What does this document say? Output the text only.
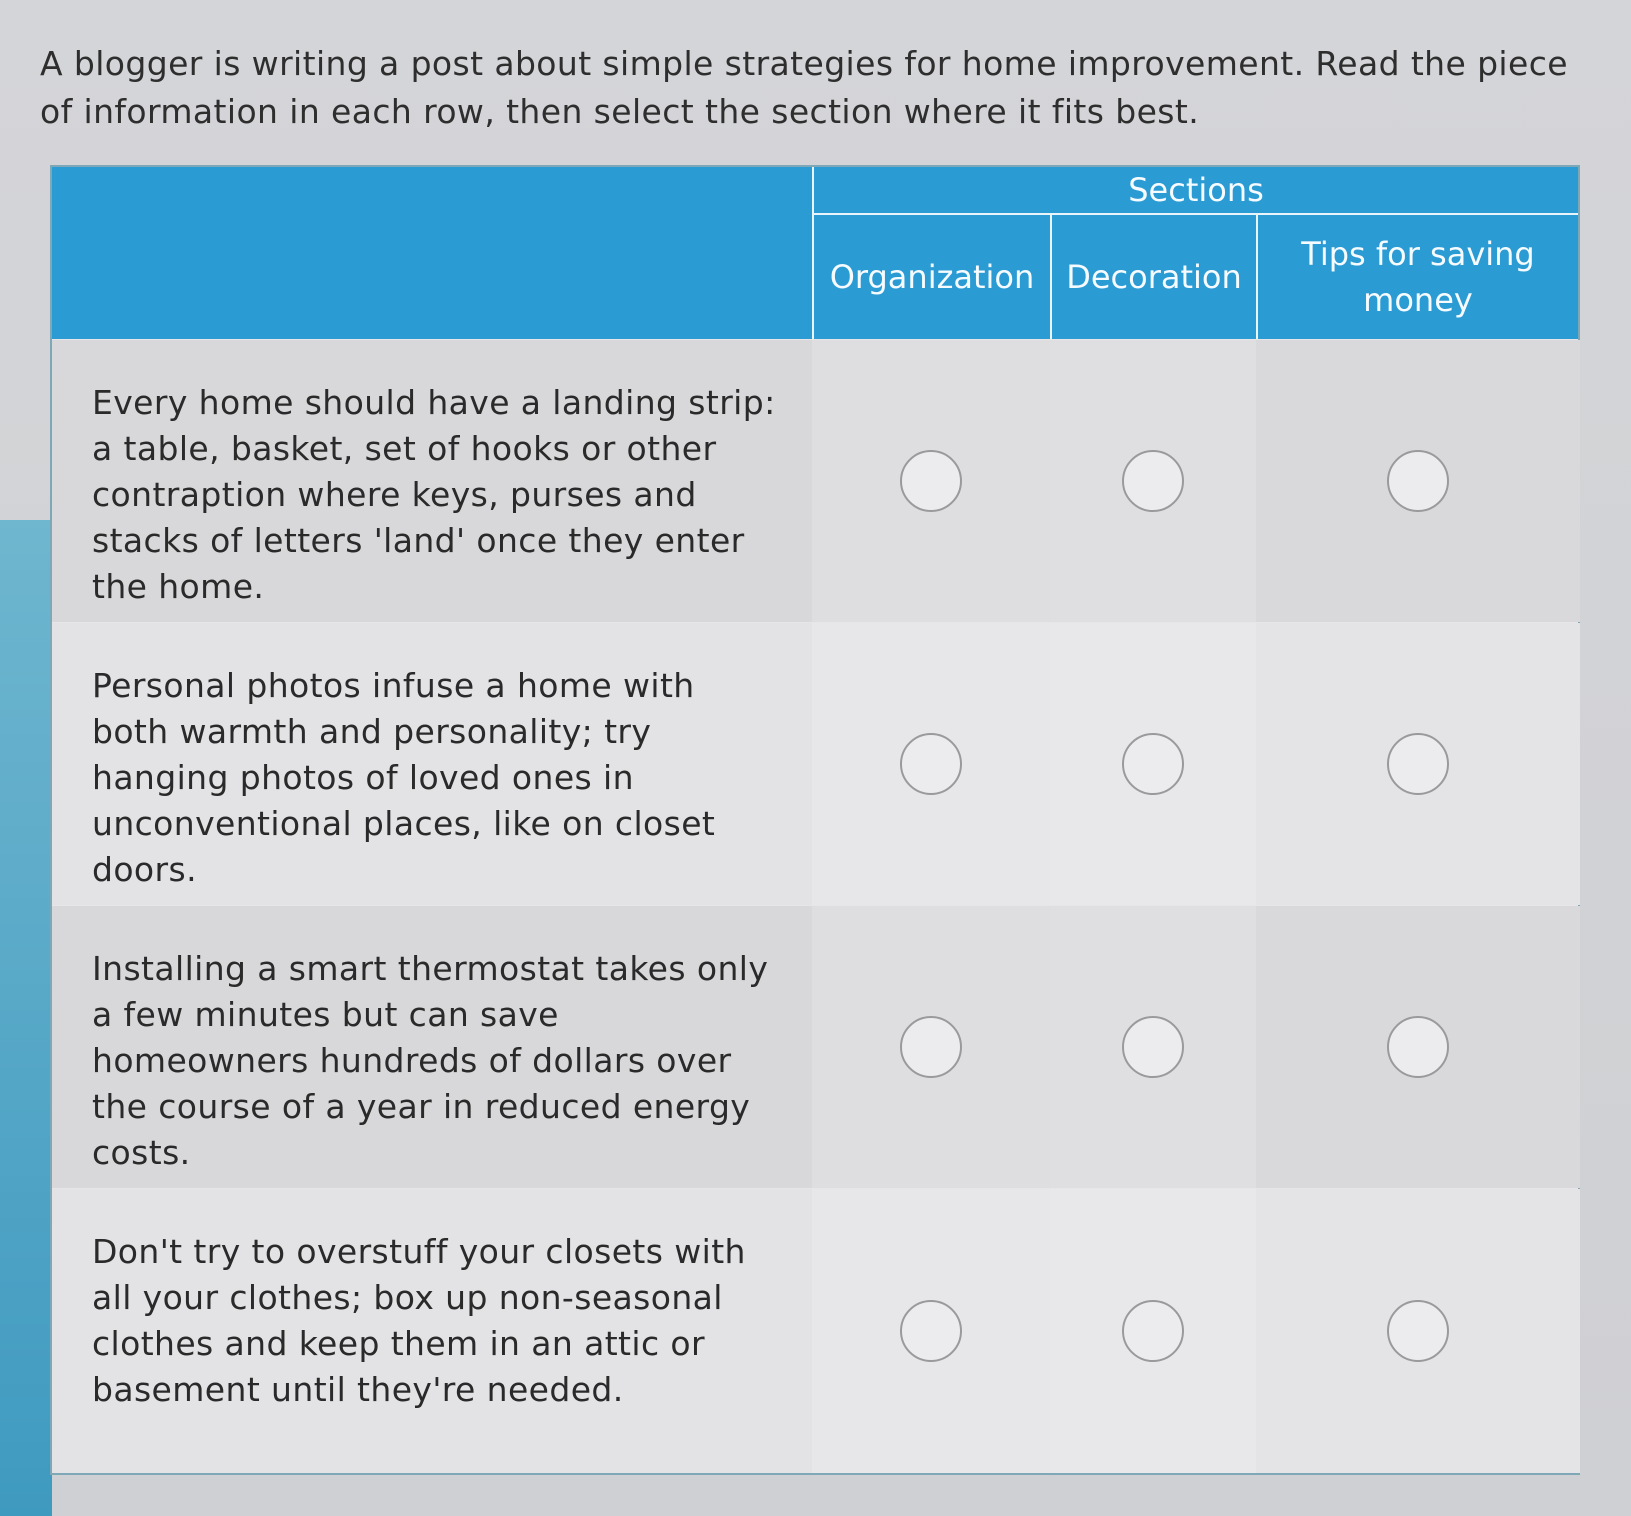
A blogger is writing a post about simple strategies for home improvement. Read the piece of information in each row, then select the section where it fits best.
Sections
Organization Decoration
Tips for saving money
Every home should have a landing strip: a table, basket, set of hooks or other contraption where keys, purses and stacks of letters 'land' once they enter the home.
Personal photos infuse a home with both warmth and personality; try hanging photos of loved ones in unconventional places, like on closet doors.
Installing a smart thermostat takes only a few minutes but can save homeowners hundreds of dollars over the course of a year in reduced energy costs.
Don't try to overstuff your closets with all your clothes; box up non-seasonal clothes and keep them in an attic or basement until they're needed.
